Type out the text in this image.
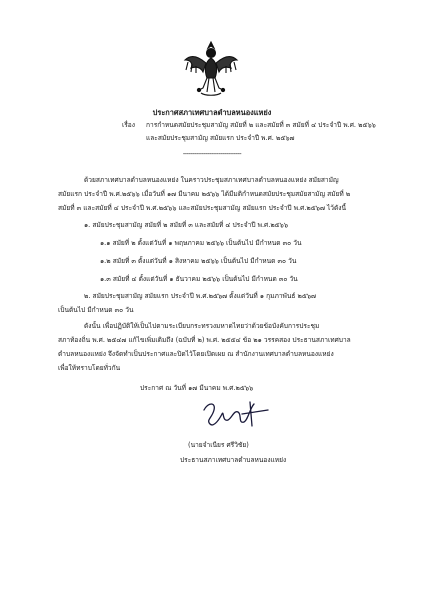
ประกาศสภาเทศบาลตำบลหนองแหย่ง
เรื่อง การกำหนดสมัยประชุมสามัญ สมัยที่ ๒ และสมัยที่ ๓ สมัยที่ ๔ ประจำปี พ.ศ. ๒๕๖๖
และสมัยประชุมสามัญ สมัยแรก ประจำปี พ.ศ. ๒๕๖๗
-------------------------------
ด้วยสภาเทศบาลตำบลหนองแหย่ง ในคราวประชุมสภาเทศบาลตำบลหนองแหย่ง สมัยสามัญ
สมัยแรก ประจำปี พ.ศ.๒๕๖๖ เมื่อวันที่ ๑๗ มีนาคม ๒๕๖๖ ได้มีมติกำหนดสมัยประชุมสมัยสามัญ สมัยที่ ๒
สมัยที่ ๓ และสมัยที่ ๔ ประจำปี พ.ศ.๒๕๖๖ และสมัยประชุมสามัญ สมัยแรก ประจำปี พ.ศ.๒๕๖๗ ไว้ดังนี้
๑. สมัยประชุมสามัญ สมัยที่ ๒ สมัยที่ ๓ และสมัยที่ ๔ ประจำปี พ.ศ.๒๕๖๖
๑.๑ สมัยที่ ๒ ตั้งแต่วันที่ ๑ พฤษภาคม ๒๕๖๖ เป็นต้นไป มีกำหนด ๓๐ วัน
๑.๒ สมัยที่ ๓ ตั้งแต่วันที่ ๑ สิงหาคม ๒๕๖๖ เป็นต้นไป มีกำหนด ๓๐ วัน
๑.๓ สมัยที่ ๔ ตั้งแต่วันที่ ๑ ธันวาคม ๒๕๖๖ เป็นต้นไป มีกำหนด ๓๐ วัน
๒. สมัยประชุมสามัญ สมัยแรก ประจำปี พ.ศ.๒๕๖๗ ตั้งแต่วันที่ ๑ กุมภาพันธ์ ๒๕๖๗
เป็นต้นไป มีกำหนด ๓๐ วัน
ดังนั้น เพื่อปฏิบัติให้เป็นไปตามระเบียบกระทรวงมหาดไทยว่าด้วยข้อบังคับการประชุม
สภาท้องถิ่น พ.ศ. ๒๕๔๗ แก้ไขเพิ่มเติมถึง (ฉบับที่ ๒) พ.ศ. ๒๕๕๔ ข้อ ๒๑ วรรคสอง ประธานสภาเทศบาล
ตำบลหนองแหย่ง จึงจัดทำเป็นประกาศและปิดไว้โดยเปิดเผย ณ สำนักงานเทศบาลตำบลหนองแหย่ง
เพื่อให้ทราบโดยทั่วกัน
ประกาศ ณ วันที่ ๑๗ มีนาคม พ.ศ.๒๕๖๖
(นายจำเนียร ศรีวิชัย)
ประธานสภาเทศบาลตำบลหนองแหย่ง
